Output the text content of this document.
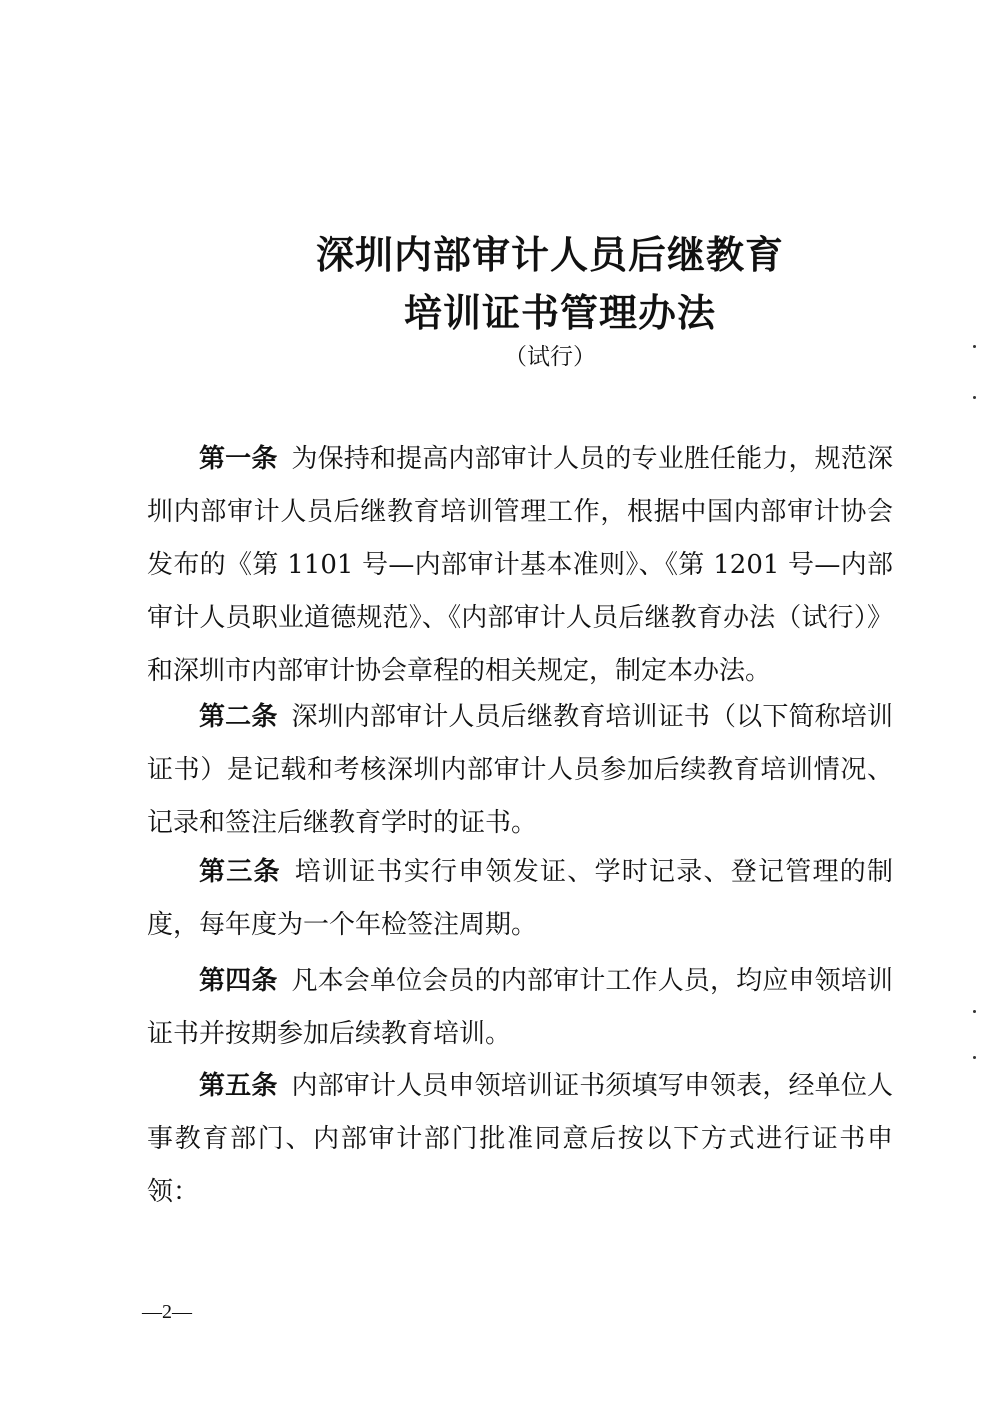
深圳内部审计人员后继教育
培训证书管理办法

（试行）

第一条 为保持和提高内部审计人员的专业胜任能力，规范深圳内部审计人员后继教育培训管理工作，根据中国内部审计协会发布的《第 1101 号—内部审计基本准则》、《第 1201 号—内部审计人员职业道德规范》、《内部审计人员后继教育办法（试行）》和深圳市内部审计协会章程的相关规定，制定本办法。

第二条 深圳内部审计人员后继教育培训证书（以下简称培训证书）是记载和考核深圳内部审计人员参加后续教育培训情况、记录和签注后继教育学时的证书。

第三条 培训证书实行申领发证、学时记录、登记管理的制度，每年度为一个年检签注周期。

第四条 凡本会单位会员的内部审计工作人员，均应申领培训证书并按期参加后续教育培训。

第五条 内部审计人员申领培训证书须填写申领表，经单位人事教育部门、内部审计部门批准同意后按以下方式进行证书申领：

—2—
